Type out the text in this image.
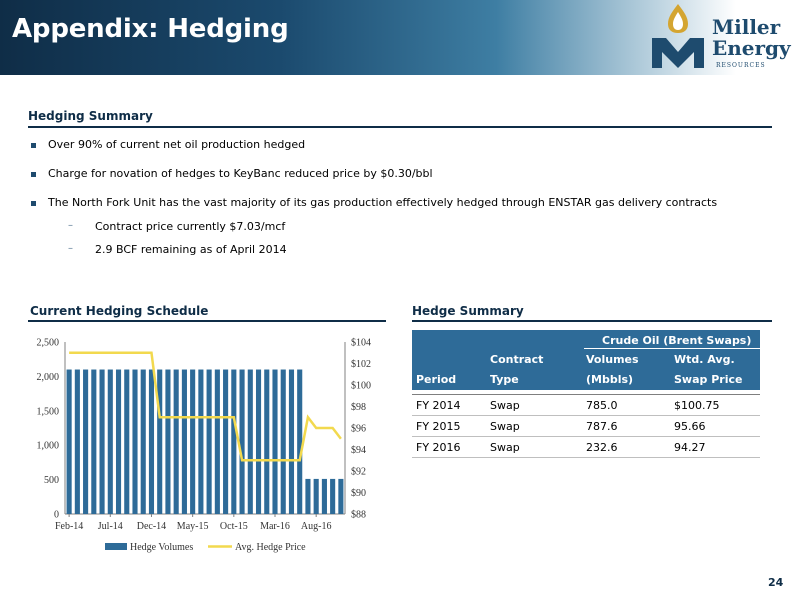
Appendix: Hedging	Miller
Energy
RESOURCES
Hedging Summary
Over 90% of current net oil production hedged
Charge for novation of hedges to KeyBanc reduced price by $0.30/bbl
The North Fork Unit has the vast majority of its gas production effectively hedged through ENSTAR gas delivery contracts
– Contract price currently $7.03/mcf
– 2.9 BCF remaining as of April 2014
Current Hedging Schedule
0
500
1,000
1,500
2,000
2,500
$88
$90
$92
$94
$96
$98
$100
$102
$104
Feb-14 Jul-14 Dec-14 May-15 Oct-15 Mar-16 Aug-16
Hedge Volumes	Avg. Hedge Price
Hedge Summary
Crude Oil (Brent Swaps)
Contract	Volumes	Wtd. Avg.
Period	Type	(Mbbls)	Swap Price
FY 2014	Swap	785.0	$100.75
FY 2015	Swap	787.6	95.66
FY 2016	Swap	232.6	94.27
24
